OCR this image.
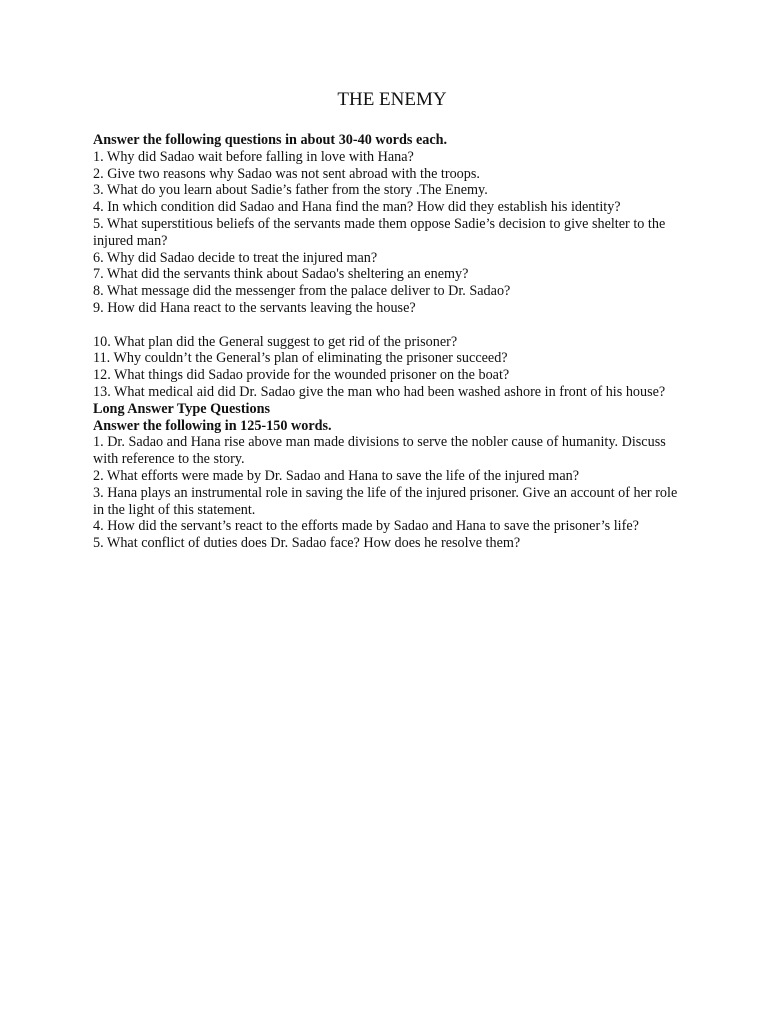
THE ENEMY

Answer the following questions in about 30-40 words each.

1. Why did Sadao wait before falling in love with Hana?
2. Give two reasons why Sadao was not sent abroad with the troops.
3. What do you learn about Sadie’s father from the story .The Enemy.
4. In which condition did Sadao and Hana find the man? How did they establish his identity?
5. What superstitious beliefs of the servants made them oppose Sadie’s decision to give shelter to the injured man?
6. Why did Sadao decide to treat the injured man?
7. What did the servants think about Sadao's sheltering an enemy?
8. What message did the messenger from the palace deliver to Dr. Sadao?
9. How did Hana react to the servants leaving the house?
10. What plan did the General suggest to get rid of the prisoner?
11. Why couldn’t the General’s plan of eliminating the prisoner succeed?
12. What things did Sadao provide for the wounded prisoner on the boat?
13. What medical aid did Dr. Sadao give the man who had been washed ashore in front of his house?

Long Answer Type Questions

Answer the following in 125-150 words.

1. Dr. Sadao and Hana rise above man made divisions to serve the nobler cause of humanity. Discuss with reference to the story.
2. What efforts were made by Dr. Sadao and Hana to save the life of the injured man?
3. Hana plays an instrumental role in saving the life of the injured prisoner. Give an account of her role in the light of this statement.
4. How did the servant’s react to the efforts made by Sadao and Hana to save the prisoner’s life?
5. What conflict of duties does Dr. Sadao face? How does he resolve them?
